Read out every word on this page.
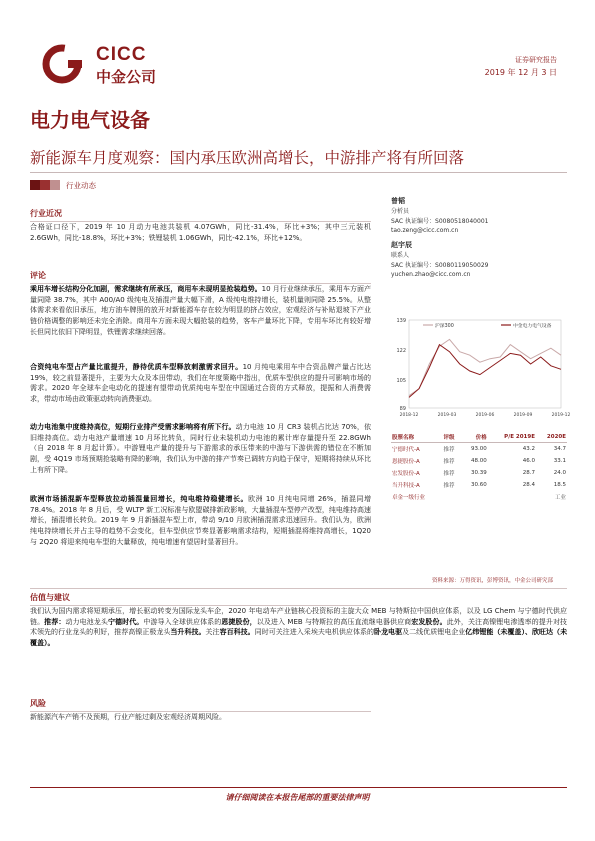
CICC
中金公司
证券研究报告
2019 年 12 月 3 日
电力电气设备
新能源车月度观察：国内承压欧洲高增长，中游排产将有所回落
行业动态
行业近况
合格证口径下，2019 年 10 月动力电池共装机 4.07GWh，同比-31.4%，环比+3%；其中三元装机 2.6GWh，同比-18.8%，环比+3%；铁锂装机 1.06GWh，同比-42.1%，环比+12%。
评论
乘用车增长结构分化加剧，需求继续有所承压，商用车未现明显抢装趋势。10 月行业继续承压，乘用车方面产量同降 38.7%，其中 A00/A0 级纯电及插混产量大幅下滑，A 级纯电维持增长，装机量则同降 25.5%。从整体需求来看依旧承压，地方油车牌照的放开对新能源车存在较为明显的挤占效应，宏观经济与补贴退坡下产业链价格调整的影响还未完全消除。商用车方面未现大幅抢装的趋势，客车产量环比下降，专用车环比有较好增长但同比依旧下降明显，铁锂需求继续回落。
合资纯电车型占产量比重提升，静待优质车型释放刺激需求回升。10 月纯电乘用车中合资品牌产量占比达 19%，较之前显著提升，主要为大众及本田带动，我们在年度策略中指出，优质车型供应的提升可影响市场的需求。2020 年全球车企电动化的提速有望带动优质纯电车型在中国通过合资的方式释放，提振和人消费需求，带动市场由政策驱动转向消费驱动。
动力电池集中度维持高位，短期行业排产受需求影响将有所下行。动力电池 10 月 CR3 装机占比达 70%，依旧维持高位。动力电池产量增速 10 月环比转负，同时行业未装机动力电池的累计库存量提升至 22.8GWh（自 2018 年 8 月起计算）。中游锂电产量的提升与下游需求的承压带来的中游与下游供需的错位在不断加剧，受 4Q19 市场预期抢装略有降的影响，我们认为中游的排产节奏已调转方向趋于保守，短期将持续从环比上有所下降。
欧洲市场插混新车型释放拉动插混量回增长，纯电维持稳健增长。欧洲 10 月纯电同增 26%，插混同增 78.4%。2018 年 8 月后，受 WLTP 新工况标准与欧盟碳排新政影响，大量插混车型停产改型，纯电维持高速增长，插混增长转负。2019 年 9 月新插混车型上市，带动 9/10 月欧洲插混需求迅速回升。我们认为，欧洲纯电持续增长并占主导的趋势不会变化，但车型供应节奏显著影响需求结构，短期插混将维持高增长，1Q20 与 2Q20 将迎来纯电车型的大量释放，纯电增速有望居时显著回升。
估值与建议
我们认为国内需求将短期承压，增长驱动转变为国际龙头车企，2020 年电动车产业链核心投资标的主旋大众 MEB 与特斯拉中国供应体系，以及 LG Chem 与宁德时代供应链。推荐：动力电池龙头宁德时代。中游导入全球供应体系的恩捷股份，以及进入 MEB 与特斯拉的高压直流继电器供应商宏发股份。此外，关注高镍锂电渗透率的提升对技术领先的行业龙头的利好，推荐高镍正极龙头当升科技。关注容百科技。同时可关注进入采埃夫电机供应体系的卧龙电驱及二线优质锂电企业亿纬锂能（未覆盖）、欣旺达（未覆盖）。
风险
新能源汽车产销不及预期，行业产能过剩及宏观经济周期风险。
曾韬
分析员
SAC 执证编号：S0080518040001
tao.zeng@cicc.com.cn
赵宇辰
联系人
SAC 执证编号：S0080119050029
yuchen.zhao@cicc.com.cn
89
105
122
139
2018-12	2019-03	2019-06	2019-09	2019-12
沪深300	中金电力电气设备
股票名称	评级	价格	P/E 2019E	2020E
宁德时代-A	推荐	93.00	43.2	34.7
恩捷股份-A	推荐	48.00	46.0	33.1
宏发股份-A	推荐	30.39	28.7	24.0
当升科技-A	推荐	30.60	28.4	18.5
卓金一级行业				工业
资料来源：万得资讯，彭博资讯，中金公司研究部
请仔细阅读在本报告尾部的重要法律声明
